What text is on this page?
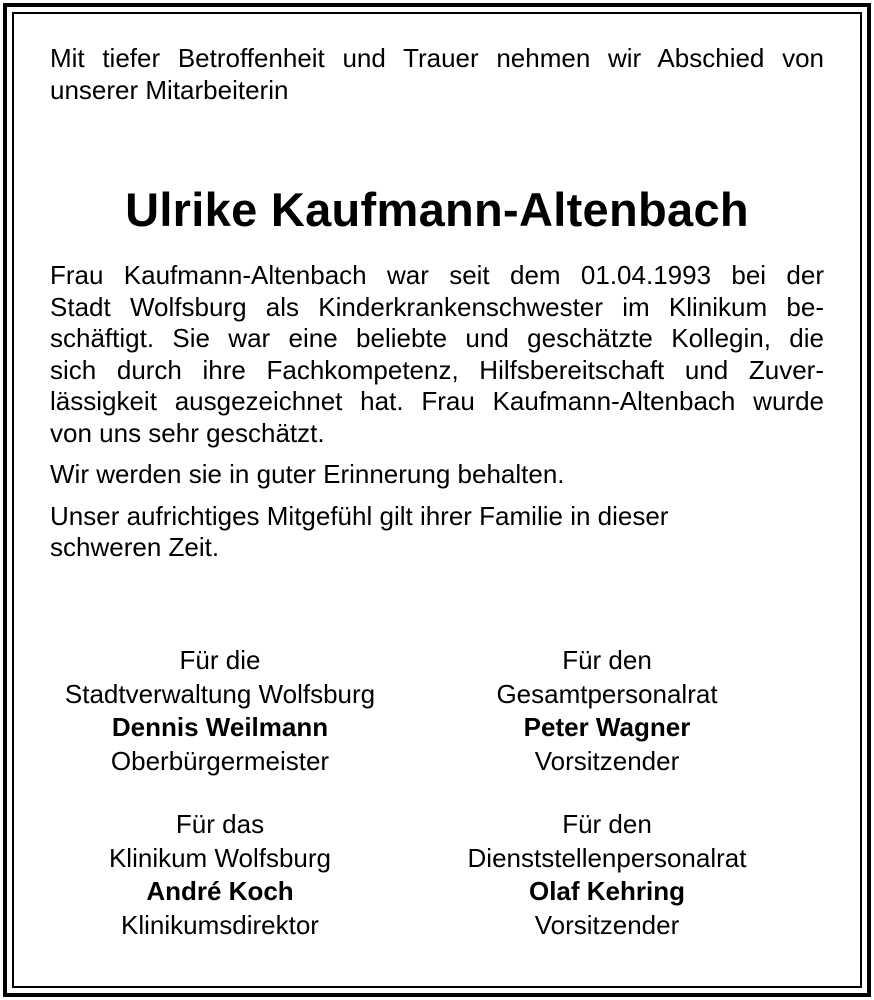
Mit tiefer Betroffenheit und Trauer nehmen wir Abschied von
unserer Mitarbeiterin

Ulrike Kaufmann-Altenbach

Frau Kaufmann-Altenbach war seit dem 01.04.1993 bei der
Stadt Wolfsburg als Kinderkrankenschwester im Klinikum be-
schäftigt. Sie war eine beliebte und geschätzte Kollegin, die
sich durch ihre Fachkompetenz, Hilfsbereitschaft und Zuver-
lässigkeit ausgezeichnet hat. Frau Kaufmann-Altenbach wurde
von uns sehr geschätzt.

Wir werden sie in guter Erinnerung behalten.

Unser aufrichtiges Mitgefühl gilt ihrer Familie in dieser
schweren Zeit.

Für die
Stadtverwaltung Wolfsburg
Dennis Weilmann
Oberbürgermeister
Für den
Gesamtpersonalrat
Peter Wagner
Vorsitzender
Für das
Klinikum Wolfsburg
André Koch
Klinikumsdirektor
Für den
Dienststellenpersonalrat
Olaf Kehring
Vorsitzender
